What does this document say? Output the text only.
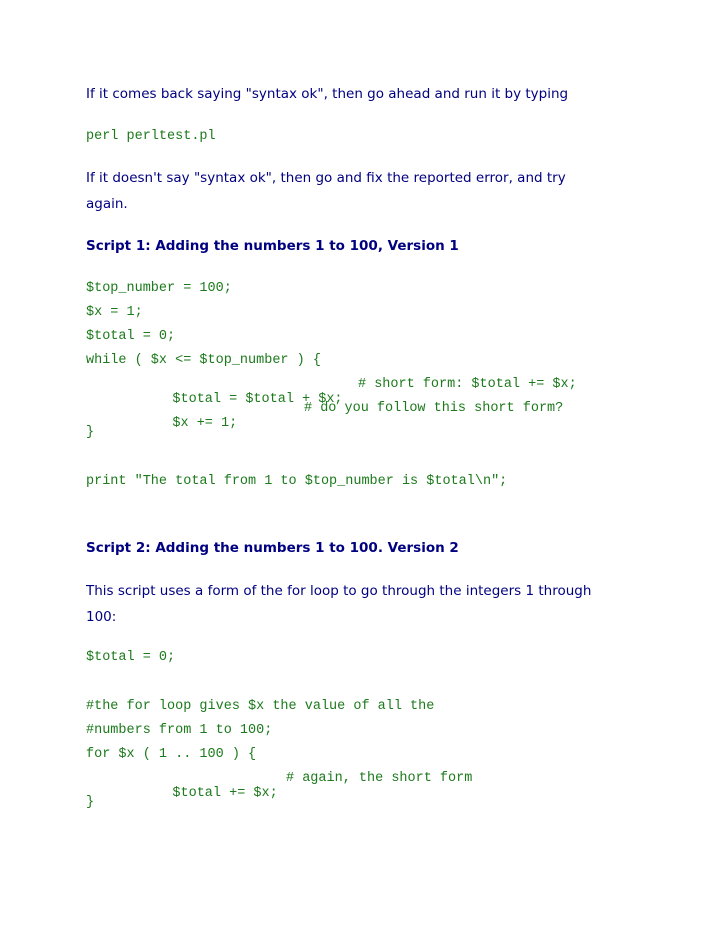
If it comes back saying "syntax ok", then go ahead and run it by typing

perl perltest.pl

If it doesn't say "syntax ok", then go and fix the reported error, and try

again.

Script 1: Adding the numbers 1 to 100, Version 1

$top_number = 100;

$x = 1;

$total = 0;

while ( $x <= $top_number ) {

$total = $total + $x;

# short form: $total += $x;

$x += 1;

# do you follow this short form?

}

print "The total from 1 to $top_number is $total\n";

Script 2: Adding the numbers 1 to 100. Version 2

This script uses a form of the for loop to go through the integers 1 through

100:

$total = 0;

#the for loop gives $x the value of all the

#numbers from 1 to 100;

for $x ( 1 .. 100 ) {

$total += $x;

# again, the short form

}
